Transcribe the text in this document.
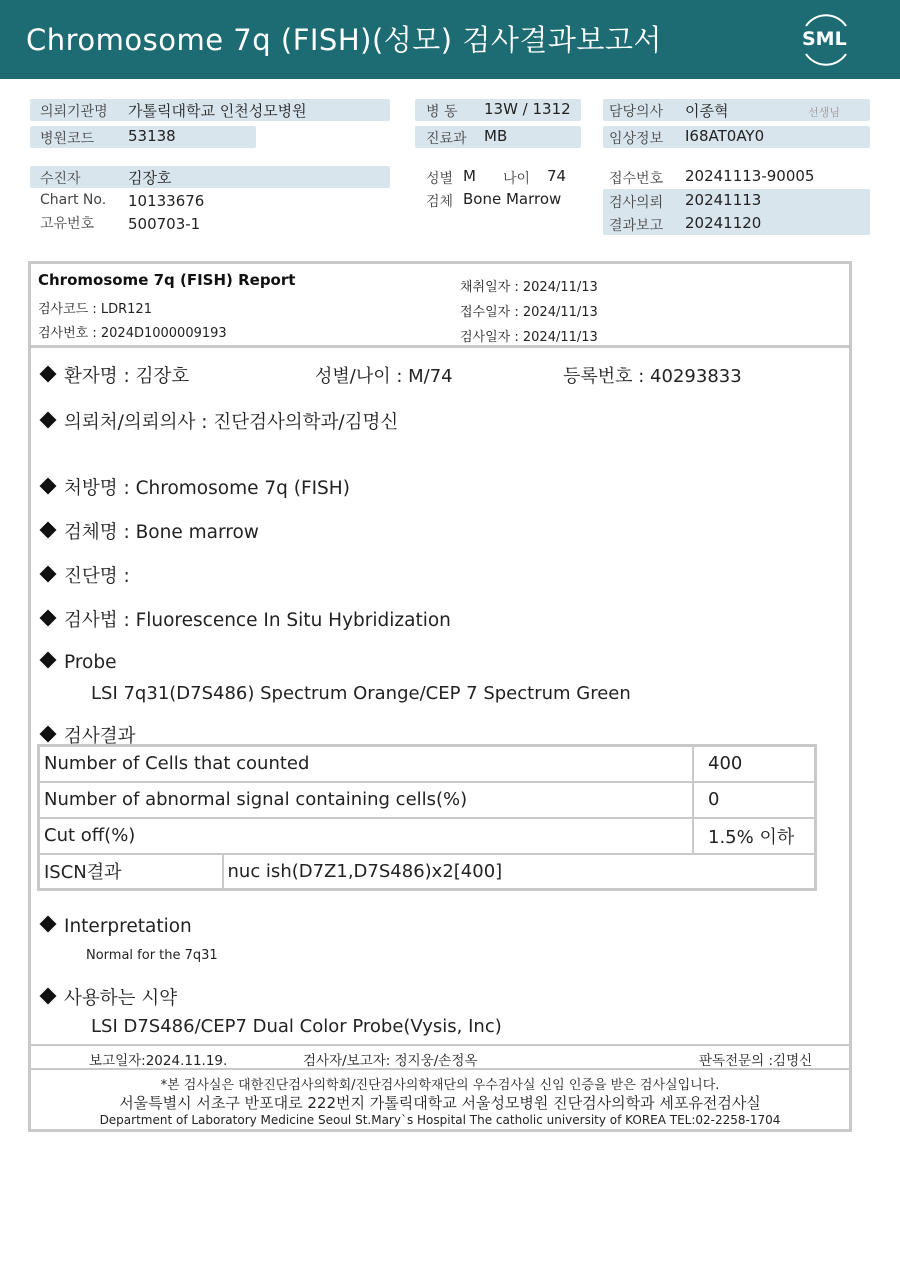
Chromosome 7q (FISH)(성모) 검사결과보고서	SML
의뢰기관명 가톨릭대학교 인천성모병원
병원코드 53138
수진자	김장호
Chart No. 10133676
고유번호 500703-1
병 동 13W / 1312
진료과 MB
성별 M 나이 74
검체 Bone Marrow
담당의사 이종혁	선생님
임상정보 I68AT0AY0
접수번호 20241113-90005
검사의뢰 20241113
결과보고 20241120
Chromosome 7q (FISH) Report
검사코드 : LDR121
검사번호 : 2024D1000009193
채취일자 : 2024/11/13
접수일자 : 2024/11/13
검사일자 : 2024/11/13
환자명 : 김장호	성별/나이 : M/74	등록번호 : 40293833
의뢰처/의뢰의사 : 진단검사의학과/김명신
처방명 : Chromosome 7q (FISH)
검체명 : Bone marrow
진단명 :
검사법 : Fluorescence In Situ Hybridization
Probe
LSI 7q31(D7S486) Spectrum Orange/CEP 7 Spectrum Green
검사결과
Number of Cells that counted		400
Number of abnormal signal containing cells(%)		0
Cut off(%)		1.5% 이하
ISCN결과	nuc ish(D7Z1,D7S486)x2[400]	
Interpretation
Normal for the 7q31
사용하는 시약
LSI D7S486/CEP7 Dual Color Probe(Vysis, Inc)
보고일자:2024.11.19.	검사자/보고자: 정지웅/손정옥	판독전문의 :김명신
*본 검사실은 대한진단검사의학회/진단검사의학재단의 우수검사실 신임 인증을 받은 검사실입니다.
서울특별시 서초구 반포대로 222번지 가톨릭대학교 서울성모병원 진단검사의학과 세포유전검사실
Department of Laboratory Medicine Seoul St.Mary`s Hospital The catholic university of KOREA TEL:02-2258-1704
